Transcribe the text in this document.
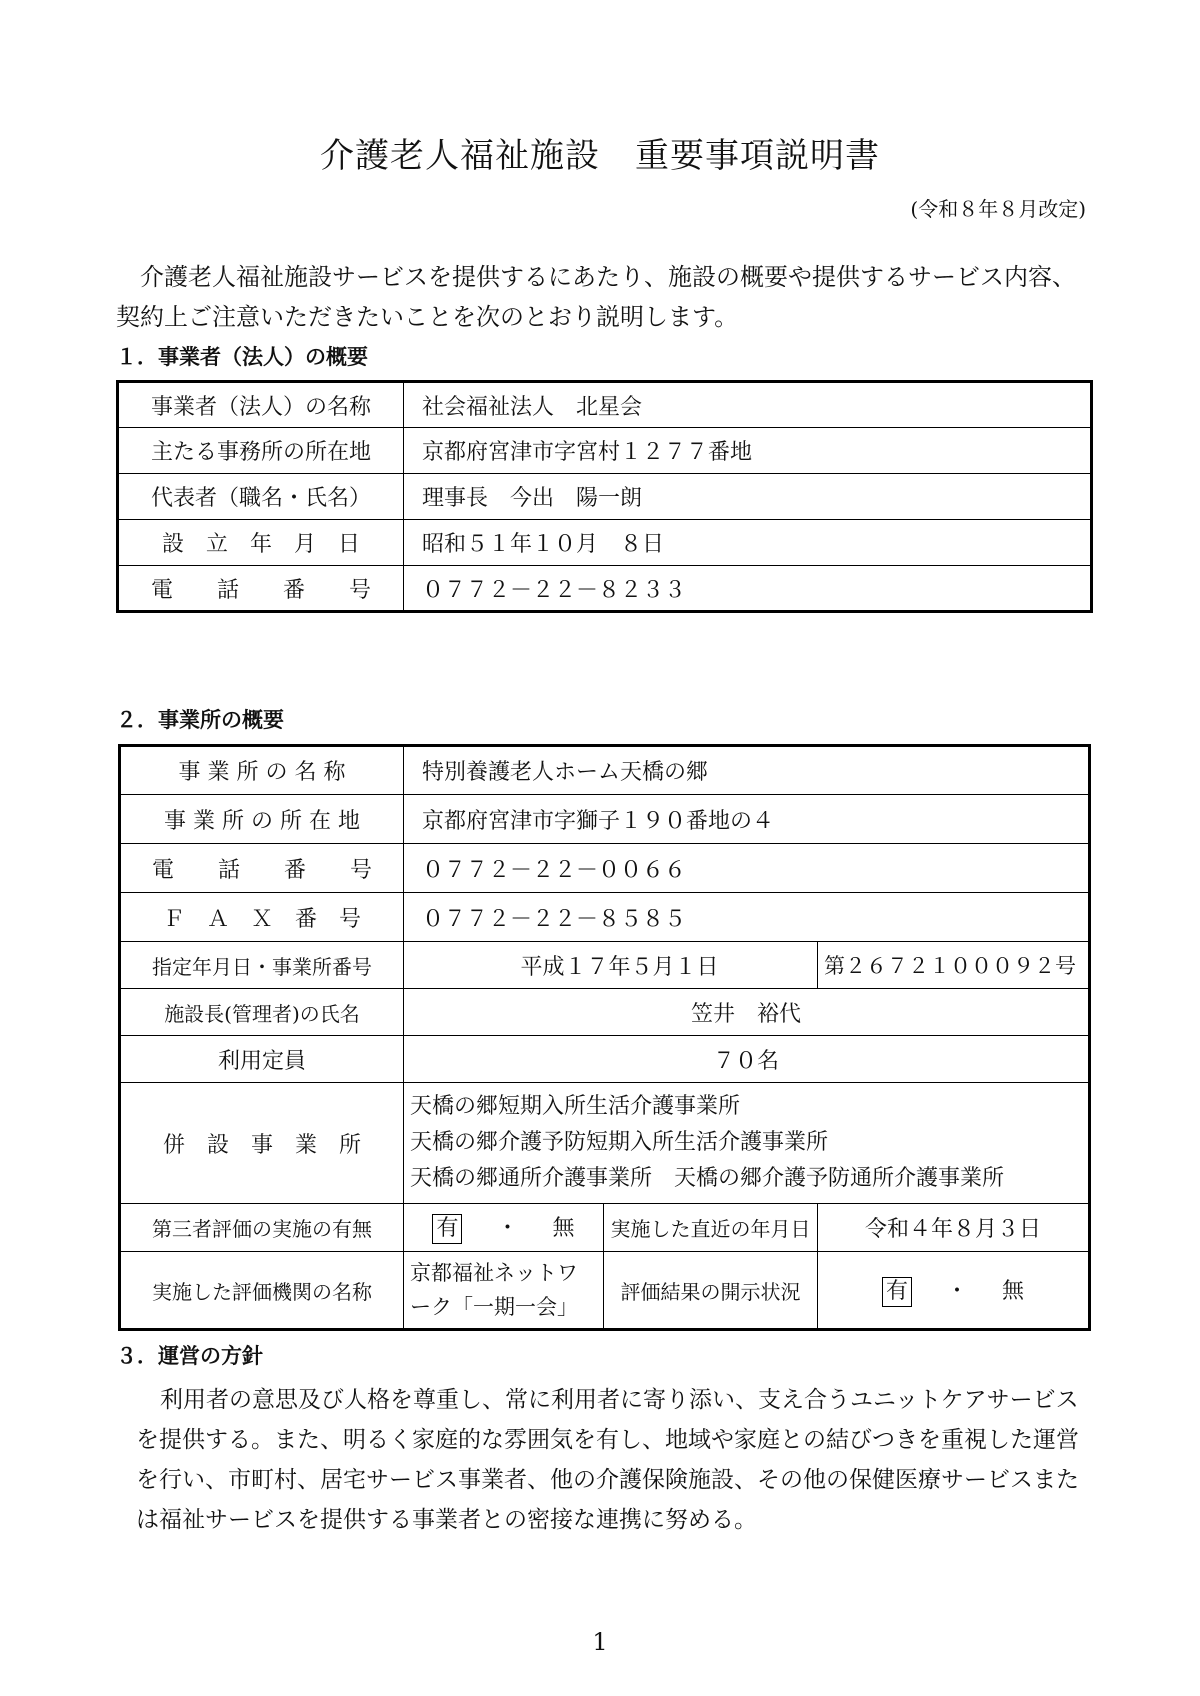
介護老人福祉施設　重要事項説明書
(令和８年８月改定)
介護老人福祉施設サービスを提供するにあたり、施設の概要や提供するサービス内容、契約上ご注意いただきたいことを次のとおり説明します。
１．事業者（法人）の概要
事業者（法人）の名称	社会福祉法人　北星会
主たる事務所の所在地	京都府宮津市字宮村１２７７番地
代表者（職名・氏名）	理事長　今出　陽一朗
設　立　年　月　日	昭和５１年１０月　８日
電　　話　　番　　号	０７７２－２２－８２３３
２．事業所の概要
事 業 所 の 名 称	特別養護老人ホーム天橋の郷		
事 業 所 の 所 在 地	京都府宮津市字獅子１９０番地の４		
電　　話　　番　　号	０７７２－２２－００６６		
Ｆ　Ａ　Ｘ　番　号	０７７２－２２－８５８５		
指定年月日・事業所番号	平成１７年５月１日		第２６７２１０００９２号
施設長(管理者)の氏名	笠井　裕代		
利用定員	７０名		
併　設　事　業　所	天橋の郷短期入所生活介護事業所
天橋の郷介護予防短期入所生活介護事業所
天橋の郷通所介護事業所　天橋の郷介護予防通所介護事業所		

第三者評価の実施の有無	有 ・ 無	実施した直近の年月日	令和４年８月３日
実施した評価機関の名称	京都福祉ネットワ
ーク「一期一会」	評価結果の開示状況	有 ・ 無
３．運営の方針
利用者の意思及び人格を尊重し、常に利用者に寄り添い、支え合うユニットケアサービスを提供する。また、明るく家庭的な雰囲気を有し、地域や家庭との結びつきを重視した運営を行い、市町村、居宅サービス事業者、他の介護保険施設、その他の保健医療サービスまたは福祉サービスを提供する事業者との密接な連携に努める。
1
